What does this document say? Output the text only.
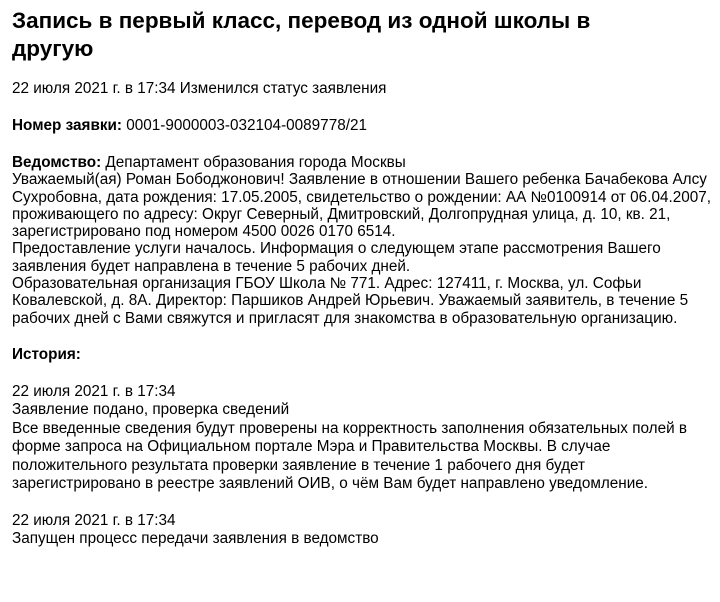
Запись в первый класс, перевод из одной школы в другую
22 июля 2021 г. в 17:34 Изменился статус заявления
Номер заявки: 0001-9000003-032104-0089778/21

Ведомство: Департамент образования города Москвы

Уважаемый(ая) Роман Бободжонович! Заявление в отношении Вашего ребенка Бачабекова Алсу Сухробовна, дата рождения: 17.05.2005, свидетельство о рождении: АА №0100914 от 06.04.2007, проживающего по адресу: Округ Северный, Дмитровский, Долгопрудная улица, д. 10, кв. 21, зарегистрировано под номером 4500 0026 0170 6514.

Предоставление услуги началось. Информация о следующем этапе рассмотрения Вашего заявления будет направлена в течение 5 рабочих дней.

Образовательная организация ГБОУ Школа № 771. Адрес: 127411, г. Москва, ул. Софьи Ковалевской, д. 8А. Директор: Паршиков Андрей Юрьевич. Уважаемый заявитель, в течение 5 рабочих дней с Вами свяжутся и пригласят для знакомства в образовательную организацию.

История:

22 июля 2021 г. в 17:34

Заявление подано, проверка сведений

Все введенные сведения будут проверены на корректность заполнения обязательных полей в форме запроса на Официальном портале Мэра и Правительства Москвы. В случае положительного результата проверки заявление в течение 1 рабочего дня будет зарегистрировано в реестре заявлений ОИВ, о чём Вам будет направлено уведомление.

22 июля 2021 г. в 17:34

Запущен процесс передачи заявления в ведомство
